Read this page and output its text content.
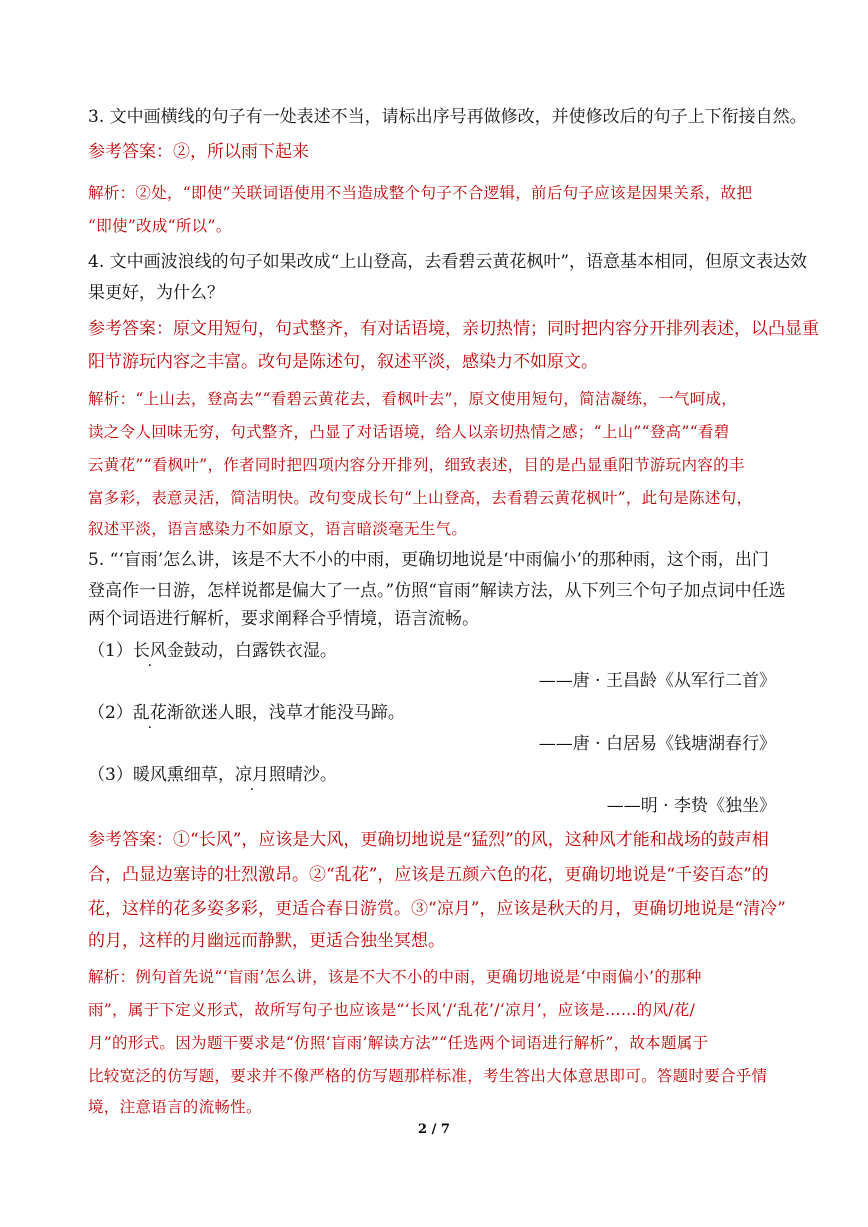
3. 文中画横线的句子有一处表述不当，请标出序号再做修改，并使修改后的句子上下衔接自然。
参考答案：②，所以雨下起来
解析：②处，“即使”关联词语使用不当造成整个句子不合逻辑，前后句子应该是因果关系，故把
“即使”改成“所以”。
4. 文中画波浪线的句子如果改成“上山登高，去看碧云黄花枫叶”，语意基本相同，但原文表达效
果更好，为什么？
参考答案：原文用短句，句式整齐，有对话语境，亲切热情；同时把内容分开排列表述，以凸显重
阳节游玩内容之丰富。改句是陈述句，叙述平淡，感染力不如原文。
解析：“上山去，登高去”“看碧云黄花去，看枫叶去”，原文使用短句，简洁凝练，一气呵成，
读之令人回味无穷，句式整齐，凸显了对话语境，给人以亲切热情之感；“上山”“登高”“看碧
云黄花”“看枫叶”，作者同时把四项内容分开排列，细致表述，目的是凸显重阳节游玩内容的丰
富多彩，表意灵活，简洁明快。改句变成长句“上山登高，去看碧云黄花枫叶”，此句是陈述句，
叙述平淡，语言感染力不如原文，语言暗淡毫无生气。
5. “‘盲雨’怎么讲，该是不大不小的中雨，更确切地说是‘中雨偏小’的那种雨，这个雨，出门
登高作一日游，怎样说都是偏大了一点。”仿照“盲雨”解读方法，从下列三个句子加点词中任选
两个词语进行解析，要求阐释合乎情境，语言流畅。
（1）长风金鼓动，白露铁衣湿。
——唐 · 王昌龄《从军行二首》
（2）乱花渐欲迷人眼，浅草才能没马蹄。
——唐 · 白居易《钱塘湖春行》
（3）暖风熏细草，凉月照晴沙。
——明 · 李贽《独坐》
参考答案：①“长风”，应该是大风，更确切地说是“猛烈”的风，这种风才能和战场的鼓声相
合，凸显边塞诗的壮烈激昂。②“乱花”，应该是五颜六色的花，更确切地说是“千姿百态”的
花，这样的花多姿多彩，更适合春日游赏。③“凉月”，应该是秋天的月，更确切地说是“清冷”
的月，这样的月幽远而静默，更适合独坐冥想。
解析：例句首先说“‘盲雨’怎么讲，该是不大不小的中雨，更确切地说是‘中雨偏小’的那种
雨”，属于下定义形式，故所写句子也应该是“‘长风’/‘乱花’/‘凉月’，应该是……的风/花/
月”的形式。因为题干要求是“仿照‘盲雨’解读方法”“任选两个词语进行解析”，故本题属于
比较宽泛的仿写题，要求并不像严格的仿写题那样标准，考生答出大体意思即可。答题时要合乎情
境，注意语言的流畅性。
2 / 7
